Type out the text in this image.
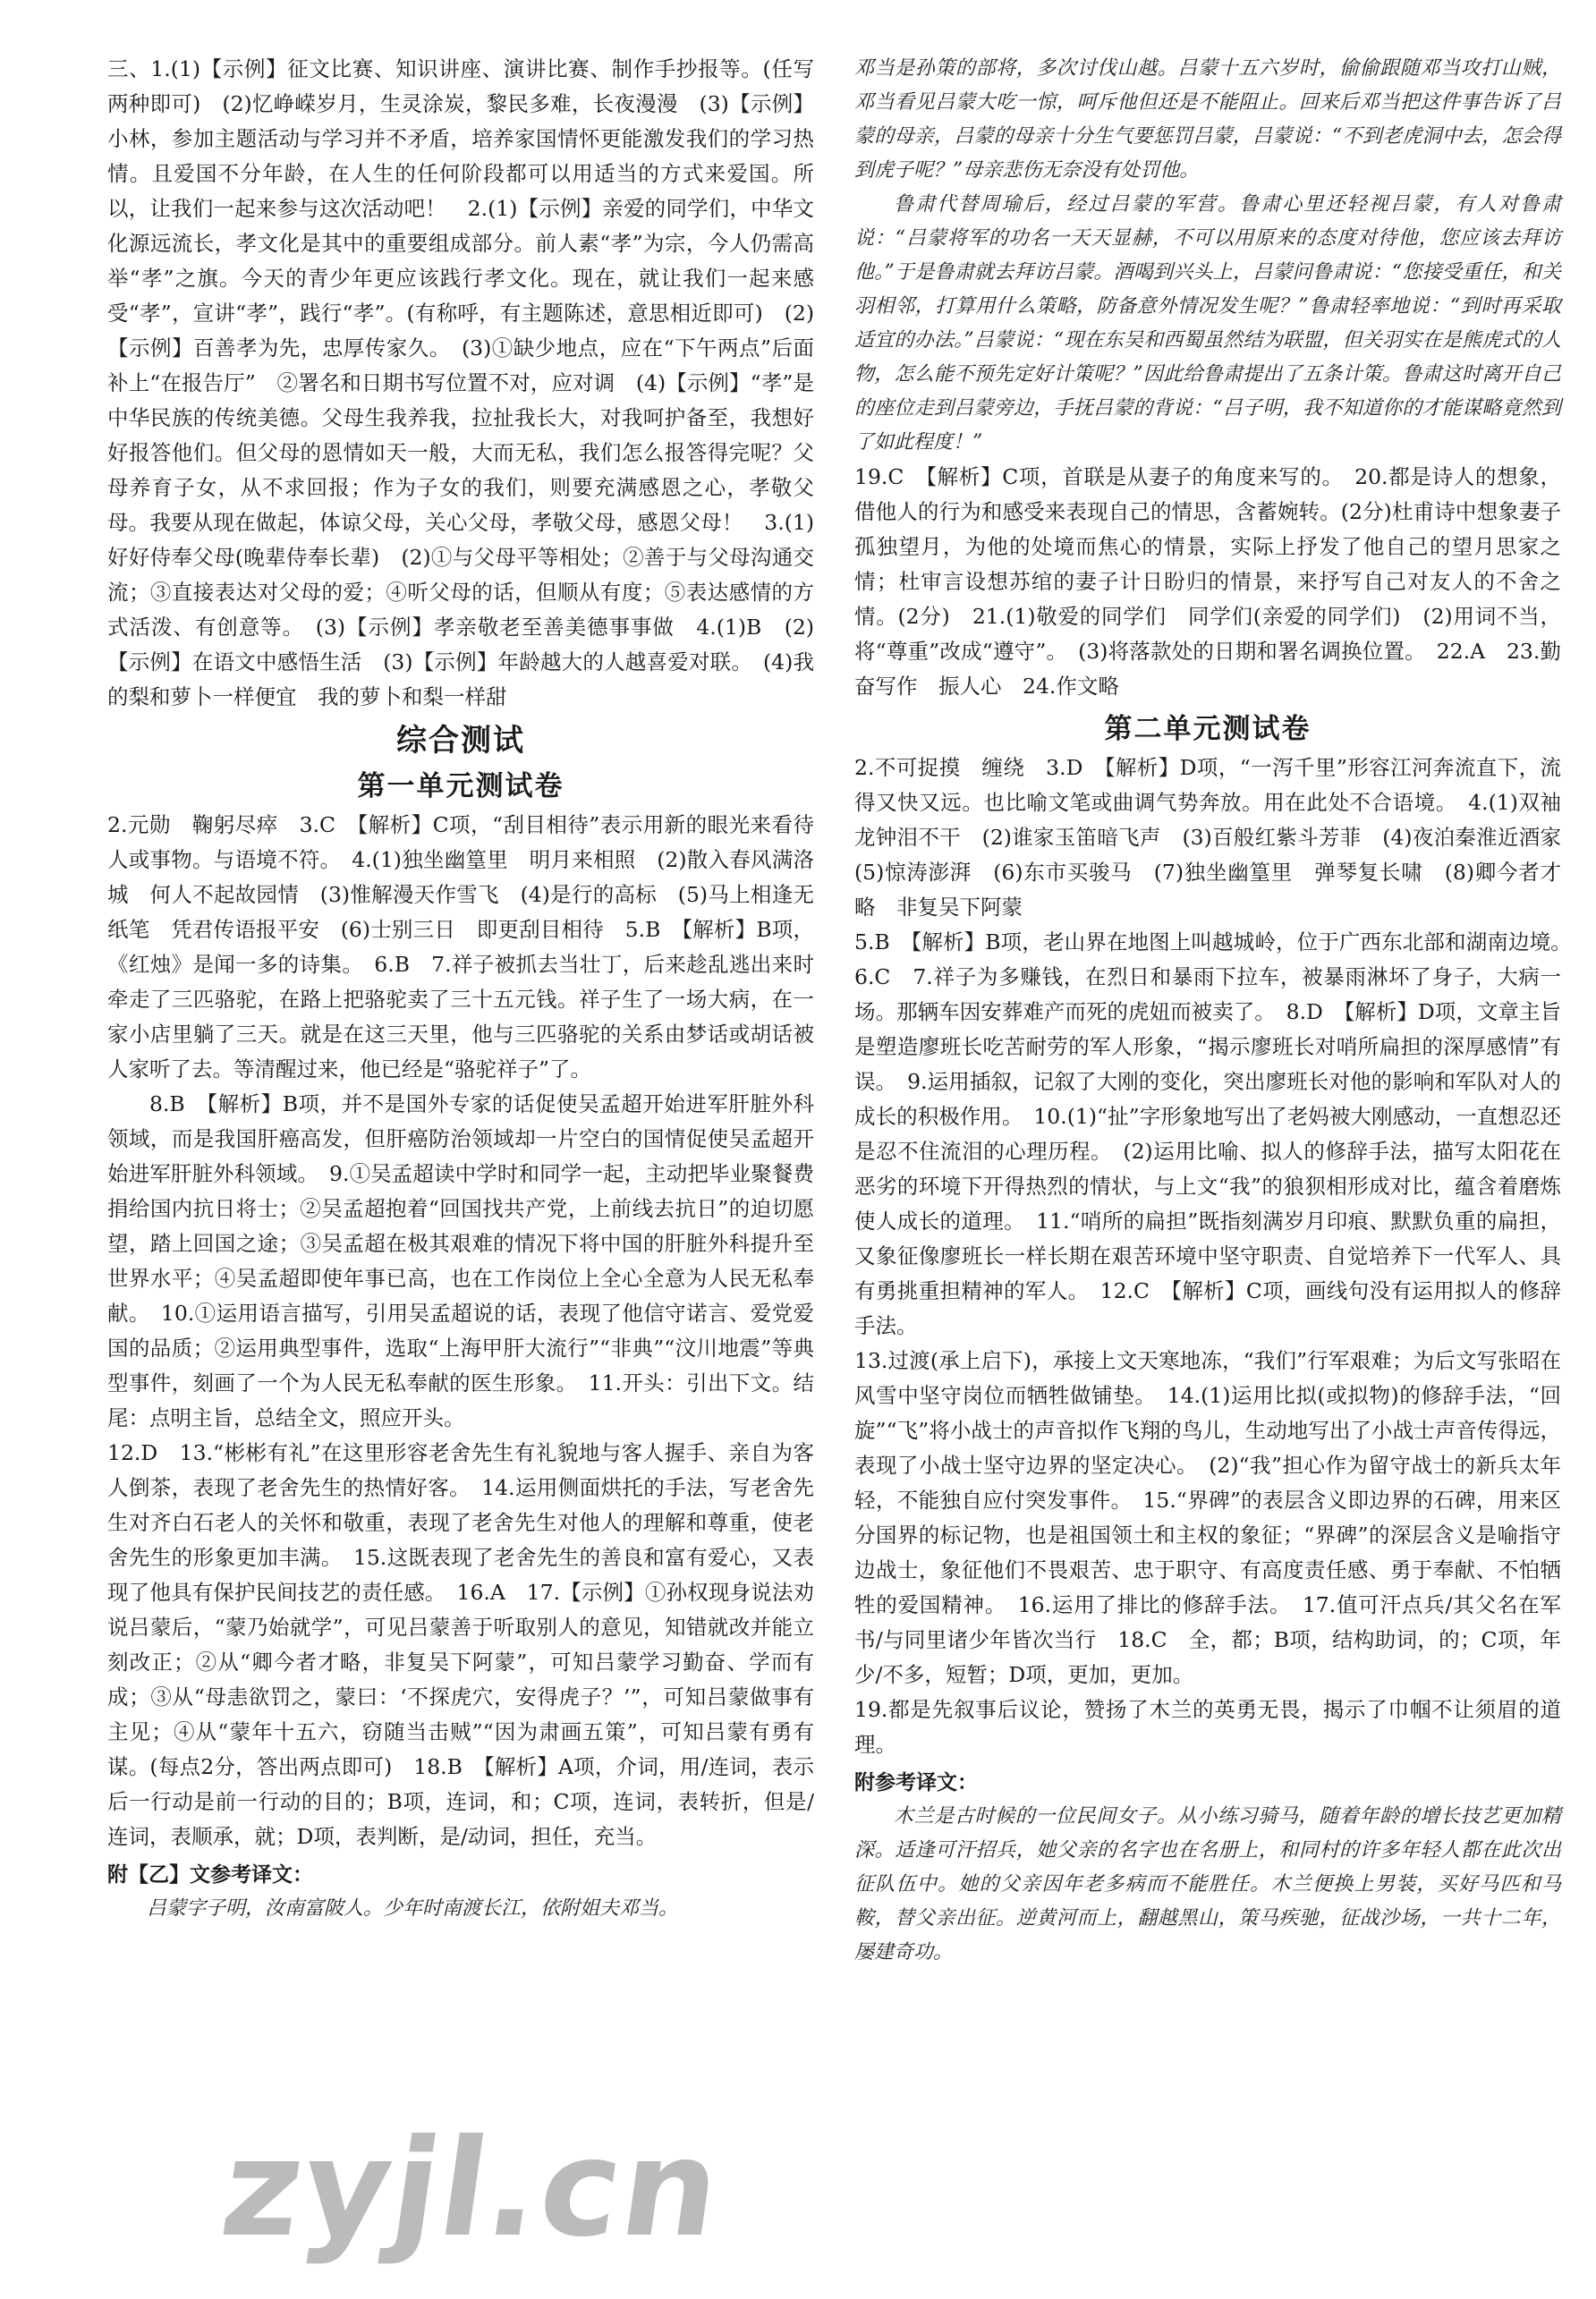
三、1.(1)【示例】征文比赛、知识讲座、演讲比赛、制作手抄报等。(任写两种即可)　(2)忆峥嵘岁月，生灵涂炭，黎民多难，长夜漫漫　(3)【示例】小林，参加主题活动与学习并不矛盾，培养家国情怀更能激发我们的学习热情。且爱国不分年龄，在人生的任何阶段都可以用适当的方式来爱国。所以，让我们一起来参与这次活动吧！　2.(1)【示例】亲爱的同学们，中华文化源远流长，孝文化是其中的重要组成部分。前人素“孝”为宗，今人仍需高举“孝”之旗。今天的青少年更应该践行孝文化。现在，就让我们一起来感受“孝”，宣讲“孝”，践行“孝”。(有称呼，有主题陈述，意思相近即可)　(2)【示例】百善孝为先，忠厚传家久。　(3)①缺少地点，应在“下午两点”后面补上“在报告厅”　②署名和日期书写位置不对，应对调　(4)【示例】“孝”是中华民族的传统美德。父母生我养我，拉扯我长大，对我呵护备至，我想好好报答他们。但父母的恩情如天一般，大而无私，我们怎么报答得完呢？父母养育子女，从不求回报；作为子女的我们，则要充满感恩之心，孝敬父母。我要从现在做起，体谅父母，关心父母，孝敬父母，感恩父母！　3.(1)好好侍奉父母(晚辈侍奉长辈)　(2)①与父母平等相处；②善于与父母沟通交流；③直接表达对父母的爱；④听父母的话，但顺从有度；⑤表达感情的方式活泼、有创意等。　(3)【示例】孝亲敬老至善美德事事做　4.(1)B　(2)【示例】在语文中感悟生活　(3)【示例】年龄越大的人越喜爱对联。　(4)我的梨和萝卜一样便宜　我的萝卜和梨一样甜

综合测试
第一单元测试卷

2.元勋　鞠躬尽瘁　3.C　【解析】C项，“刮目相待”表示用新的眼光来看待人或事物。与语境不符。　4.(1)独坐幽篁里　明月来相照　(2)散入春风满洛城　何人不起故园情　(3)惟解漫天作雪飞　(4)是行的高标　(5)马上相逢无纸笔　凭君传语报平安　(6)士别三日　即更刮目相待　5.B　【解析】B项，《红烛》是闻一多的诗集。　6.B　7.祥子被抓去当壮丁，后来趁乱逃出来时牵走了三匹骆驼，在路上把骆驼卖了三十五元钱。祥子生了一场大病，在一家小店里躺了三天。就是在这三天里，他与三匹骆驼的关系由梦话或胡话被人家听了去。等清醒过来，他已经是“骆驼祥子”了。

8.B　【解析】B项，并不是国外专家的话促使吴孟超开始进军肝脏外科领域，而是我国肝癌高发，但肝癌防治领域却一片空白的国情促使吴孟超开始进军肝脏外科领域。　9.①吴孟超读中学时和同学一起，主动把毕业聚餐费捐给国内抗日将士；②吴孟超抱着“回国找共产党，上前线去抗日”的迫切愿望，踏上回国之途；③吴孟超在极其艰难的情况下将中国的肝脏外科提升至世界水平；④吴孟超即使年事已高，也在工作岗位上全心全意为人民无私奉献。　10.①运用语言描写，引用吴孟超说的话，表现了他信守诺言、爱党爱国的品质；②运用典型事件，选取“上海甲肝大流行”“非典”“汶川地震”等典型事件，刻画了一个为人民无私奉献的医生形象。　11.开头：引出下文。结尾：点明主旨，总结全文，照应开头。

12.D　13.“彬彬有礼”在这里形容老舍先生有礼貌地与客人握手、亲自为客人倒茶，表现了老舍先生的热情好客。　14.运用侧面烘托的手法，写老舍先生对齐白石老人的关怀和敬重，表现了老舍先生对他人的理解和尊重，使老舍先生的形象更加丰满。　15.这既表现了老舍先生的善良和富有爱心，又表现了他具有保护民间技艺的责任感。　16.A　17.【示例】①孙权现身说法劝说吕蒙后，“蒙乃始就学”，可见吕蒙善于听取别人的意见，知错就改并能立刻改正；②从“卿今者才略，非复吴下阿蒙”，可知吕蒙学习勤奋、学而有成；③从“母恚欲罚之，蒙曰：‘不探虎穴，安得虎子？’”，可知吕蒙做事有主见；④从“蒙年十五六，窃随当击贼”“因为肃画五策”，可知吕蒙有勇有谋。(每点2分，答出两点即可)　18.B　【解析】A项，介词，用/连词，表示后一行动是前一行动的目的；B项，连词，和；C项，连词，表转折，但是/连词，表顺承，就；D项，表判断，是/动词，担任，充当。

附【乙】文参考译文：

吕蒙字子明，汝南富陂人。少年时南渡长江，依附姐夫邓当。

邓当是孙策的部将，多次讨伐山越。吕蒙十五六岁时，偷偷跟随邓当攻打山贼，邓当看见吕蒙大吃一惊，呵斥他但还是不能阻止。回来后邓当把这件事告诉了吕蒙的母亲，吕蒙的母亲十分生气要惩罚吕蒙，吕蒙说：“不到老虎洞中去，怎会得到虎子呢？”母亲悲伤无奈没有处罚他。

鲁肃代替周瑜后，经过吕蒙的军营。鲁肃心里还轻视吕蒙，有人对鲁肃说：“吕蒙将军的功名一天天显赫，不可以用原来的态度对待他，您应该去拜访他。”于是鲁肃就去拜访吕蒙。酒喝到兴头上，吕蒙问鲁肃说：“您接受重任，和关羽相邻，打算用什么策略，防备意外情况发生呢？”鲁肃轻率地说：“到时再采取适宜的办法。”吕蒙说：“现在东吴和西蜀虽然结为联盟，但关羽实在是熊虎式的人物，怎么能不预先定好计策呢？”因此给鲁肃提出了五条计策。鲁肃这时离开自己的座位走到吕蒙旁边，手抚吕蒙的背说：“吕子明，我不知道你的才能谋略竟然到了如此程度！”

19.C　【解析】C项，首联是从妻子的角度来写的。　20.都是诗人的想象，借他人的行为和感受来表现自己的情思，含蓄婉转。(2分)杜甫诗中想象妻子孤独望月，为他的处境而焦心的情景，实际上抒发了他自己的望月思家之情；杜审言设想苏绾的妻子计日盼归的情景，来抒写自己对友人的不舍之情。(2分)　21.(1)敬爱的同学们　同学们(亲爱的同学们)　(2)用词不当，将“尊重”改成“遵守”。　(3)将落款处的日期和署名调换位置。　22.A　23.勤奋写作　振人心　24.作文略

第二单元测试卷

2.不可捉摸　缠绕　3.D　【解析】D项，“一泻千里”形容江河奔流直下，流得又快又远。也比喻文笔或曲调气势奔放。用在此处不合语境。　4.(1)双袖龙钟泪不干　(2)谁家玉笛暗飞声　(3)百般红紫斗芳菲　(4)夜泊秦淮近酒家　(5)惊涛澎湃　(6)东市买骏马　(7)独坐幽篁里　弹琴复长啸　(8)卿今者才略　非复吴下阿蒙

5.B　【解析】B项，老山界在地图上叫越城岭，位于广西东北部和湖南边境。　6.C　7.祥子为多赚钱，在烈日和暴雨下拉车，被暴雨淋坏了身子，大病一场。那辆车因安葬难产而死的虎妞而被卖了。　8.D　【解析】D项，文章主旨是塑造廖班长吃苦耐劳的军人形象，“揭示廖班长对哨所扁担的深厚感情”有误。　9.运用插叙，记叙了大刚的变化，突出廖班长对他的影响和军队对人的成长的积极作用。　10.(1)“扯”字形象地写出了老妈被大刚感动，一直想忍还是忍不住流泪的心理历程。　(2)运用比喻、拟人的修辞手法，描写太阳花在恶劣的环境下开得热烈的情状，与上文“我”的狼狈相形成对比，蕴含着磨炼使人成长的道理。　11.“哨所的扁担”既指刻满岁月印痕、默默负重的扁担，又象征像廖班长一样长期在艰苦环境中坚守职责、自觉培养下一代军人、具有勇挑重担精神的军人。　12.C　【解析】C项，画线句没有运用拟人的修辞手法。

13.过渡(承上启下)，承接上文天寒地冻，“我们”行军艰难；为后文写张昭在风雪中坚守岗位而牺牲做铺垫。　14.(1)运用比拟(或拟物)的修辞手法，“回旋”“飞”将小战士的声音拟作飞翔的鸟儿，生动地写出了小战士声音传得远，表现了小战士坚守边界的坚定决心。　(2)“我”担心作为留守战士的新兵太年轻，不能独自应付突发事件。　15.“界碑”的表层含义即边界的石碑，用来区分国界的标记物，也是祖国领土和主权的象征；“界碑”的深层含义是喻指守边战士，象征他们不畏艰苦、忠于职守、有高度责任感、勇于奉献、不怕牺牲的爱国精神。　16.运用了排比的修辞手法。　17.值可汗点兵/其父名在军书/与同里诸少年皆次当行　18.C　全，都；B项，结构助词，的；C项，年少/不多，短暂；D项，更加，更加。

19.都是先叙事后议论，赞扬了木兰的英勇无畏，揭示了巾帼不让须眉的道理。

附参考译文：

木兰是古时候的一位民间女子。从小练习骑马，随着年龄的增长技艺更加精深。适逢可汗招兵，她父亲的名字也在名册上，和同村的许多年轻人都在此次出征队伍中。她的父亲因年老多病而不能胜任。木兰便换上男装，买好马匹和马鞍，替父亲出征。逆黄河而上，翻越黑山，策马疾驰，征战沙场，一共十二年，屡建奇功。

zyjl.cn
